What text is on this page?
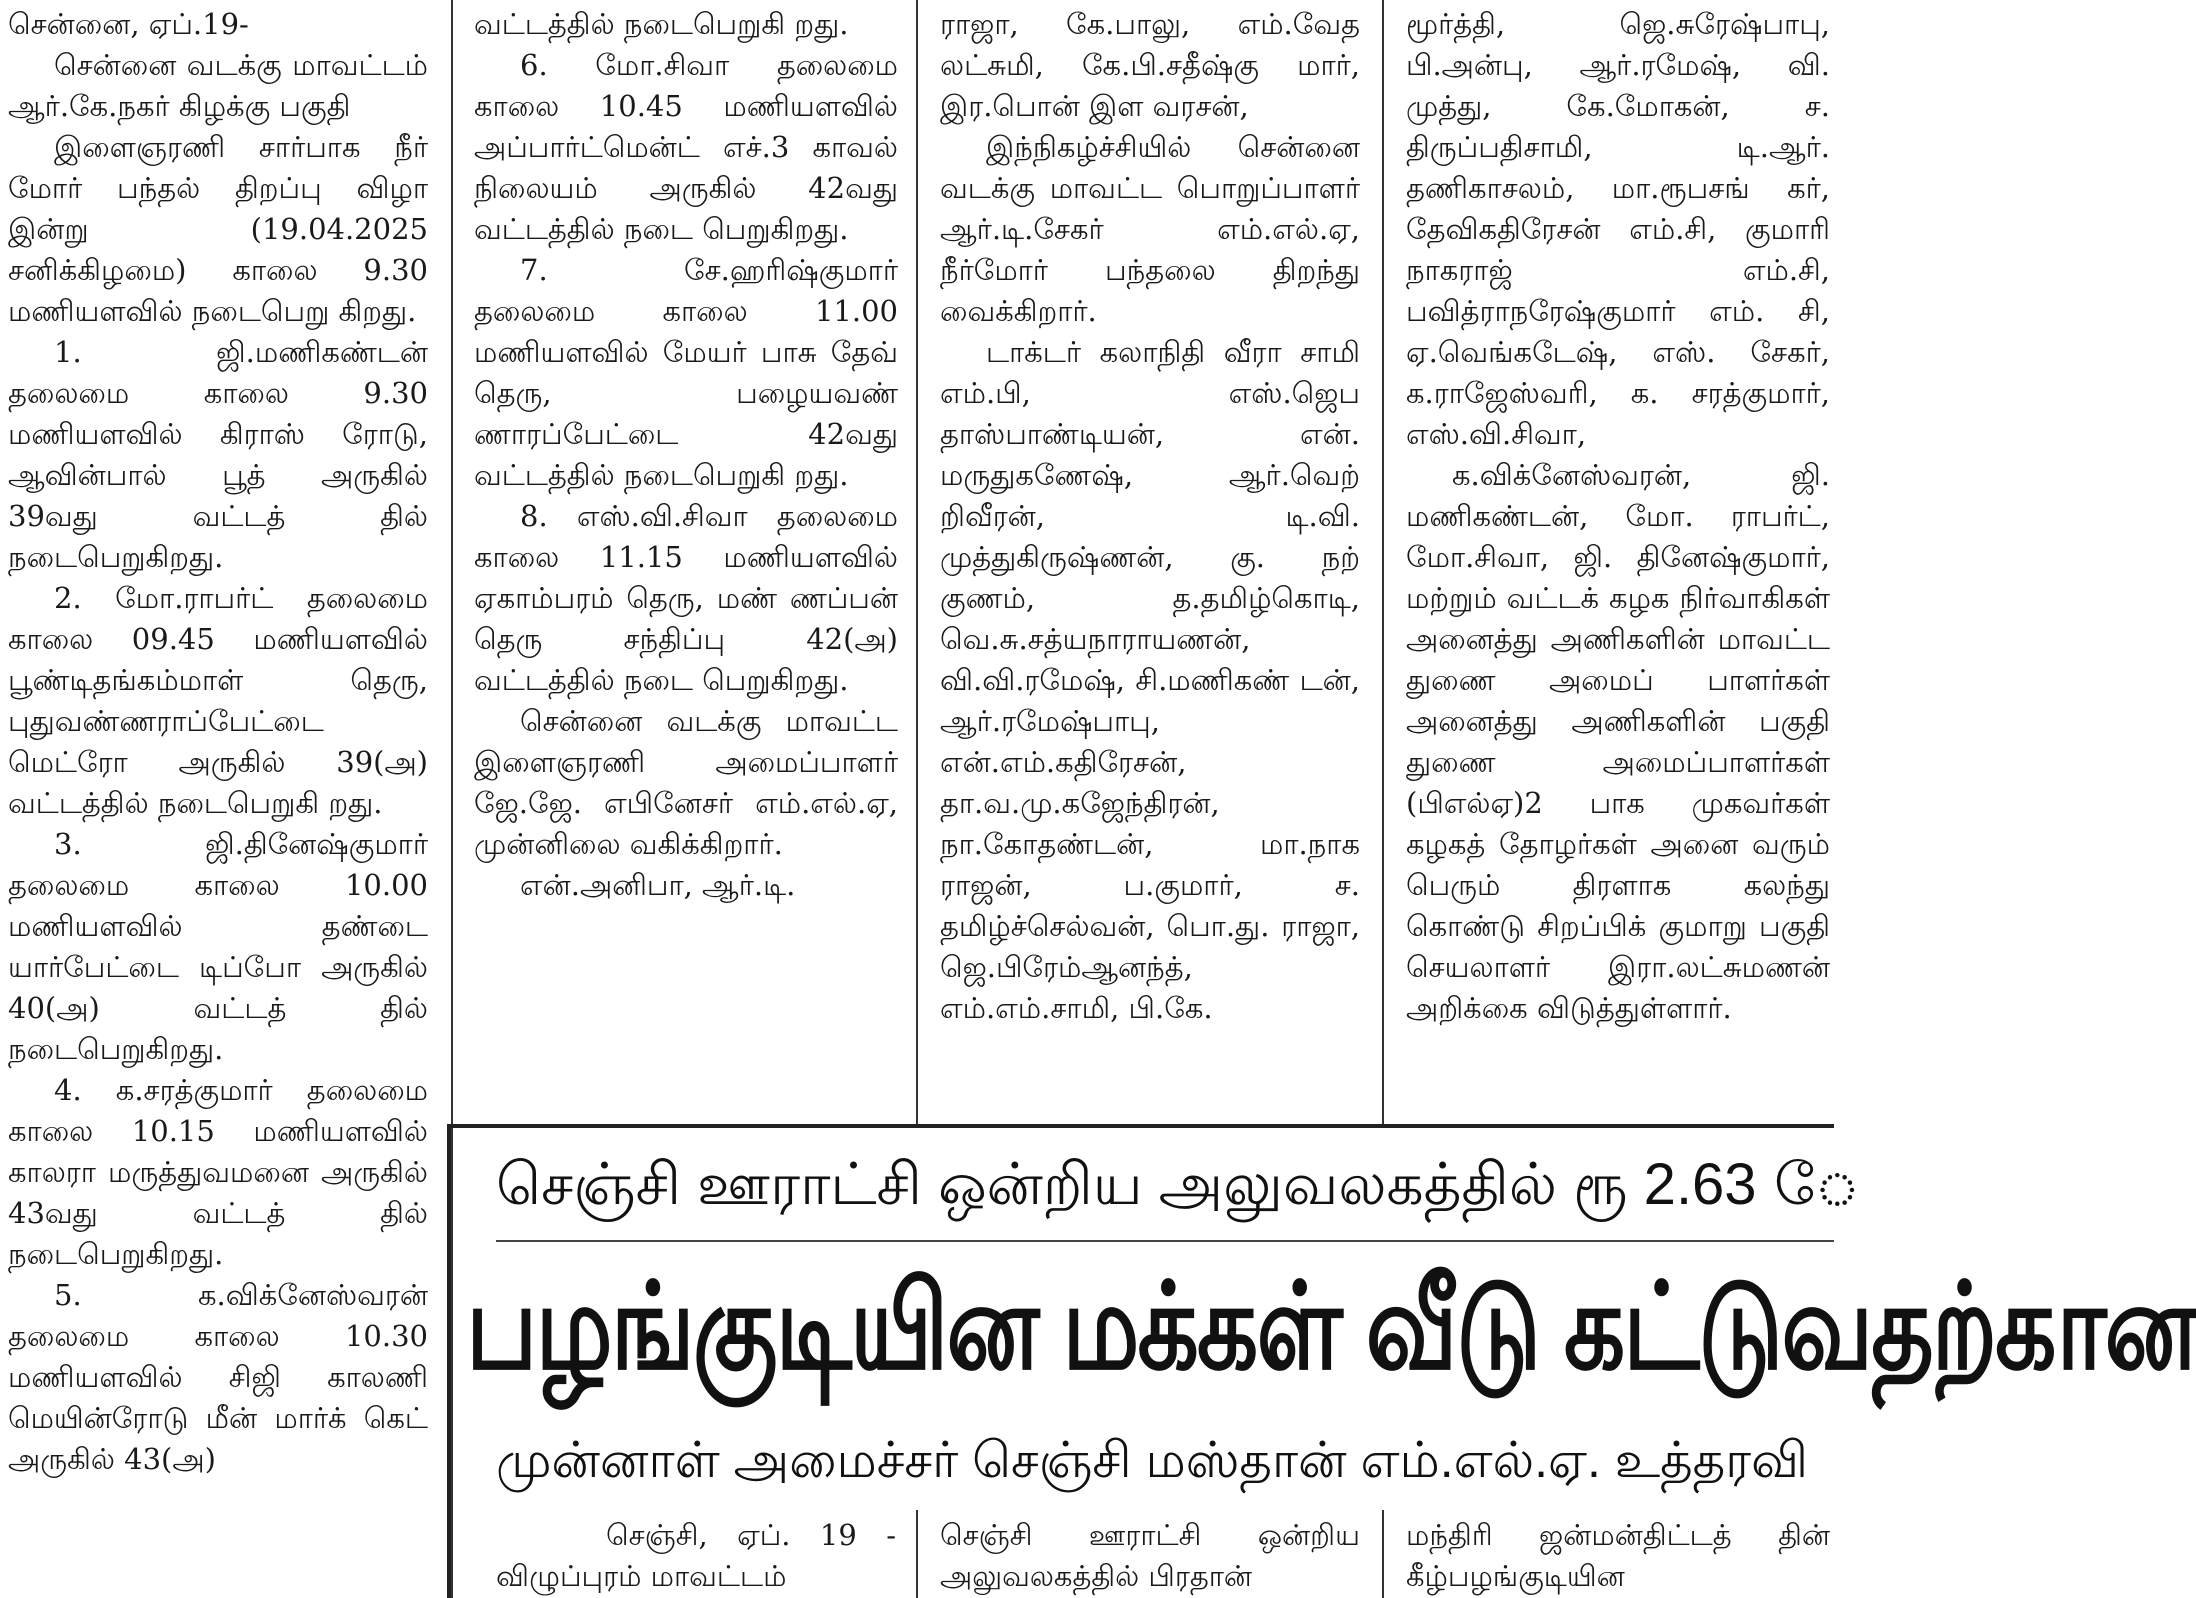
சென்னை, ஏப்.19-

சென்னை வடக்கு மாவட்டம் ஆர்.கே.நகர் கிழக்கு பகுதி

இளைஞரணி சார்பாக நீர் மோர் பந்தல் திறப்பு விழா இன்று (19.04.2025 சனிக்கிழமை) காலை 9.30 மணியளவில் நடைபெறு கிறது.

1. ஜி.மணிகண்டன் தலைமை காலை 9.30 மணியளவில் கிராஸ் ரோடு, ஆவின்பால் பூத் அருகில் 39வது வட்டத் தில் நடைபெறுகிறது.

2. மோ.ராபர்ட் தலைமை காலை 09.45 மணியளவில் பூண்டிதங்கம்மாள் தெரு, புதுவண்ணராப்பேட்டை மெட்ரோ அருகில் 39(அ) வட்டத்தில் நடைபெறுகி றது.

3. ஜி.தினேஷ்குமார் தலைமை காலை 10.00 மணியளவில் தண்டை யார்பேட்டை டிப்போ அருகில் 40(அ) வட்டத் தில் நடைபெறுகிறது.

4. க.சரத்குமார் தலைமை காலை 10.15 மணியளவில் காலரா மருத்துவமனை அருகில் 43வது வட்டத் தில் நடைபெறுகிறது.

5. க.விக்னேஸ்வரன் தலைமை காலை 10.30 மணியளவில் சிஜி காலணி மெயின்ரோடு மீன் மார்க் கெட் அருகில் 43(அ)

வட்டத்தில் நடைபெறுகி றது.

6. மோ.சிவா தலைமை காலை 10.45 மணியளவில் அப்பார்ட்மென்ட் எச்.3 காவல் நிலையம் அருகில் 42வது வட்டத்தில் நடை பெறுகிறது.

7. சே.ஹரிஷ்குமார் தலைமை காலை 11.00 மணியளவில் மேயர் பாசு தேவ் தெரு, பழையவண் ணாரப்பேட்டை 42வது வட்டத்தில் நடைபெறுகி றது.

8. எஸ்.வி.சிவா தலைமை காலை 11.15 மணியளவில் ஏகாம்பரம் தெரு, மண் ணப்பன் தெரு சந்திப்பு 42(அ) வட்டத்தில் நடை பெறுகிறது.

சென்னை வடக்கு மாவட்ட இளைஞரணி அமைப்பாளர் ஜே.ஜே. எபினேசர் எம்.எல்.ஏ, முன்னிலை வகிக்கிறார்.

என்.அனிபா, ஆர்.டி.

ராஜா, கே.பாலு, எம்.வேத லட்சுமி, கே.பி.சதீஷ்கு மார், இர.பொன் இள வரசன்,

இந்நிகழ்ச்சியில் சென்னை வடக்கு மாவட்ட பொறுப்பாளர் ஆர்.டி.சேகர் எம்.எல்.ஏ, நீர்மோர் பந்தலை திறந்து வைக்கிறார்.

டாக்டர் கலாநிதி வீரா சாமி எம்.பி, எஸ்.ஜெப தாஸ்பாண்டியன், என். மருதுகணேஷ், ஆர்.வெற் றிவீரன், டி.வி. முத்துகிருஷ்ணன், கு. நற் குணம், த.தமிழ்கொடி, வெ.சு.சத்யநாராயணன், வி.வி.ரமேஷ், சி.மணிகண் டன், ஆர்.ரமேஷ்பாபு, என்.எம்.கதிரேசன், தா.வ.மு.கஜேந்திரன், நா.கோதண்டன், மா.நாக ராஜன், ப.குமார், ச. தமிழ்ச்செல்வன், பொ.து. ராஜா, ஜெ.பிரேம்ஆனந்த், எம்.எம்.சாமி, பி.கே.

மூர்த்தி, ஜெ.சுரேஷ்பாபு, பி.அன்பு, ஆர்.ரமேஷ், வி. முத்து, கே.மோகன், ச. திருப்பதிசாமி, டி.ஆர். தணிகாசலம், மா.ரூபசங் கர், தேவிகதிரேசன் எம்.சி, குமாரி நாகராஜ் எம்.சி, பவித்ராநரேஷ்குமார் எம். சி, ஏ.வெங்கடேஷ், எஸ். சேகர், க.ராஜேஸ்வரி, க. சரத்குமார், எஸ்.வி.சிவா,

க.விக்னேஸ்வரன், ஜி. மணிகண்டன், மோ. ராபர்ட், மோ.சிவா, ஜி. தினேஷ்குமார், மற்றும் வட்டக் கழக நிர்வாகிகள் அனைத்து அணிகளின் மாவட்ட துணை அமைப் பாளர்கள் அனைத்து அணிகளின் பகுதி துணை அமைப்பாளர்கள் (பிஎல்ஏ)2 பாக முகவர்கள் கழகத் தோழர்கள் அனை வரும் பெரும் திரளாக கலந்து கொண்டு சிறப்பிக் குமாறு பகுதி செயலாளர் இரா.லட்சுமணன் அறிக்கை விடுத்துள்ளார்.

செஞ்சி ஊராட்சி ஒன்றிய அலுவலகத்தில் ரூ 2.63 ே
பழங்குடியின மக்கள் வீடு கட்டுவதற்கான
முன்னாள் அமைச்சர் செஞ்சி மஸ்தான் எம்.எல்.ஏ. உத்தரவி

செஞ்சி, ஏப். 19 - விழுப்புரம் மாவட்டம்

செஞ்சி ஊராட்சி ஒன்றிய அலுவலகத்தில் பிரதான்

மந்திரி ஜன்மன்திட்டத் தின் கீழ்பழங்குடியின
